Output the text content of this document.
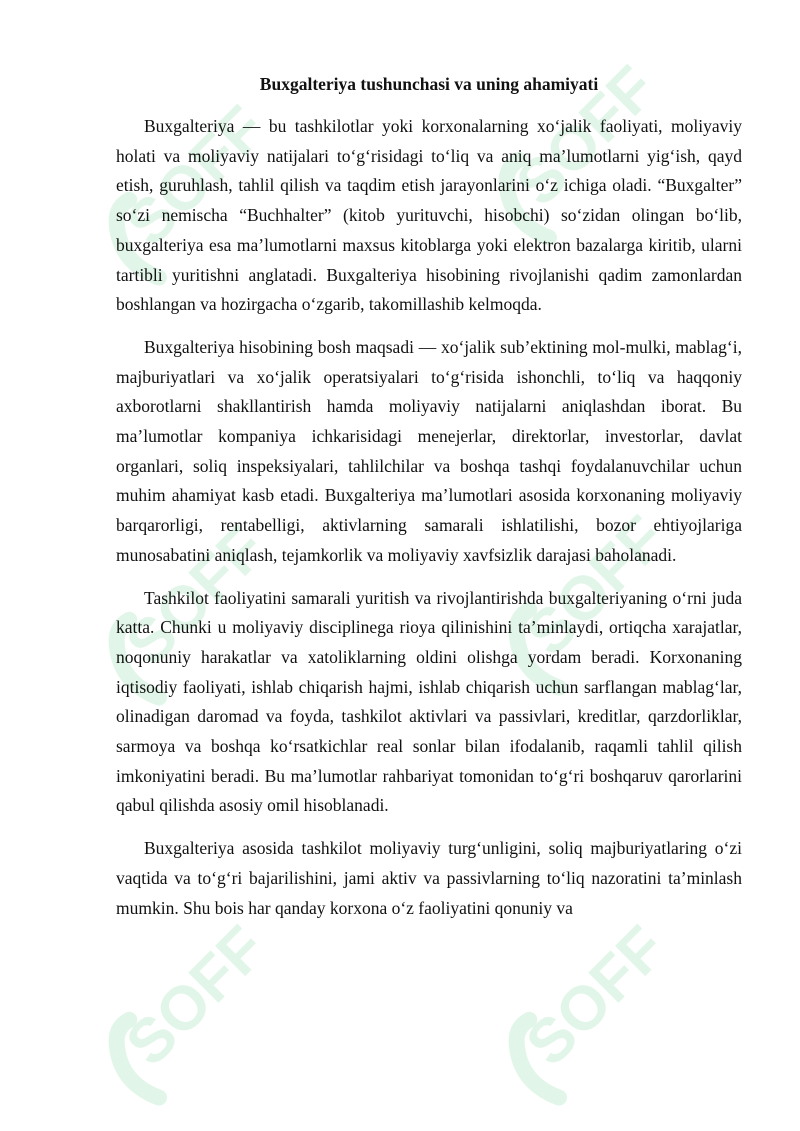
SOFF	SOFF
SOFF	SOFF
SOFF	SOFF
Buxgalteriya tushunchasi va uning ahamiyati

Buxgalteriya — bu tashkilotlar yoki korxonalarning xo‘jalik faoliyati, moliyaviy holati va moliyaviy natijalari to‘g‘risidagi to‘liq va aniq ma’lumotlarni yig‘ish, qayd etish, guruhlash, tahlil qilish va taqdim etish jarayonlarini o‘z ichiga oladi. “Buxgalter” so‘zi nemischa “Buchhalter” (kitob yurituvchi, hisobchi) so‘zidan olingan bo‘lib, buxgalteriya esa ma’lumotlarni maxsus kitoblarga yoki elektron bazalarga kiritib, ularni tartibli yuritishni anglatadi. Buxgalteriya hisobining rivojlanishi qadim zamonlardan boshlangan va hozirgacha o‘zgarib, takomillashib kelmoqda.

Buxgalteriya hisobining bosh maqsadi — xo‘jalik sub’ektining mol-mulki, mablag‘i, majburiyatlari va xo‘jalik operatsiyalari to‘g‘risida ishonchli, to‘liq va haqqoniy axborotlarni shakllantirish hamda moliyaviy natijalarni aniqlashdan iborat. Bu ma’lumotlar kompaniya ichkarisidagi menejerlar, direktorlar, investorlar, davlat organlari, soliq inspeksiyalari, tahlilchilar va boshqa tashqi foydalanuvchilar uchun muhim ahamiyat kasb etadi. Buxgalteriya ma’lumotlari asosida korxonaning moliyaviy barqarorligi, rentabelligi, aktivlarning samarali ishlatilishi, bozor ehtiyojlariga munosabatini aniqlash, tejamkorlik va moliyaviy xavfsizlik darajasi baholanadi.

Tashkilot faoliyatini samarali yuritish va rivojlantirishda buxgalteriyaning o‘rni juda katta. Chunki u moliyaviy disciplinega rioya qilinishini ta’minlaydi, ortiqcha xarajatlar, noqonuniy harakatlar va xatoliklarning oldini olishga yordam beradi. Korxonaning iqtisodiy faoliyati, ishlab chiqarish hajmi, ishlab chiqarish uchun sarflangan mablag‘lar, olinadigan daromad va foyda, tashkilot aktivlari va passivlari, kreditlar, qarzdorliklar, sarmoya va boshqa ko‘rsatkichlar real sonlar bilan ifodalanib, raqamli tahlil qilish imkoniyatini beradi. Bu ma’lumotlar rahbariyat tomonidan to‘g‘ri boshqaruv qarorlarini qabul qilishda asosiy omil hisoblanadi.

Buxgalteriya asosida tashkilot moliyaviy turg‘unligini, soliq majburiyatlaring o‘zi vaqtida va to‘g‘ri bajarilishini, jami aktiv va passivlarning to‘liq nazoratini ta’minlash mumkin. Shu bois har qanday korxona o‘z faoliyatini qonuniy va
